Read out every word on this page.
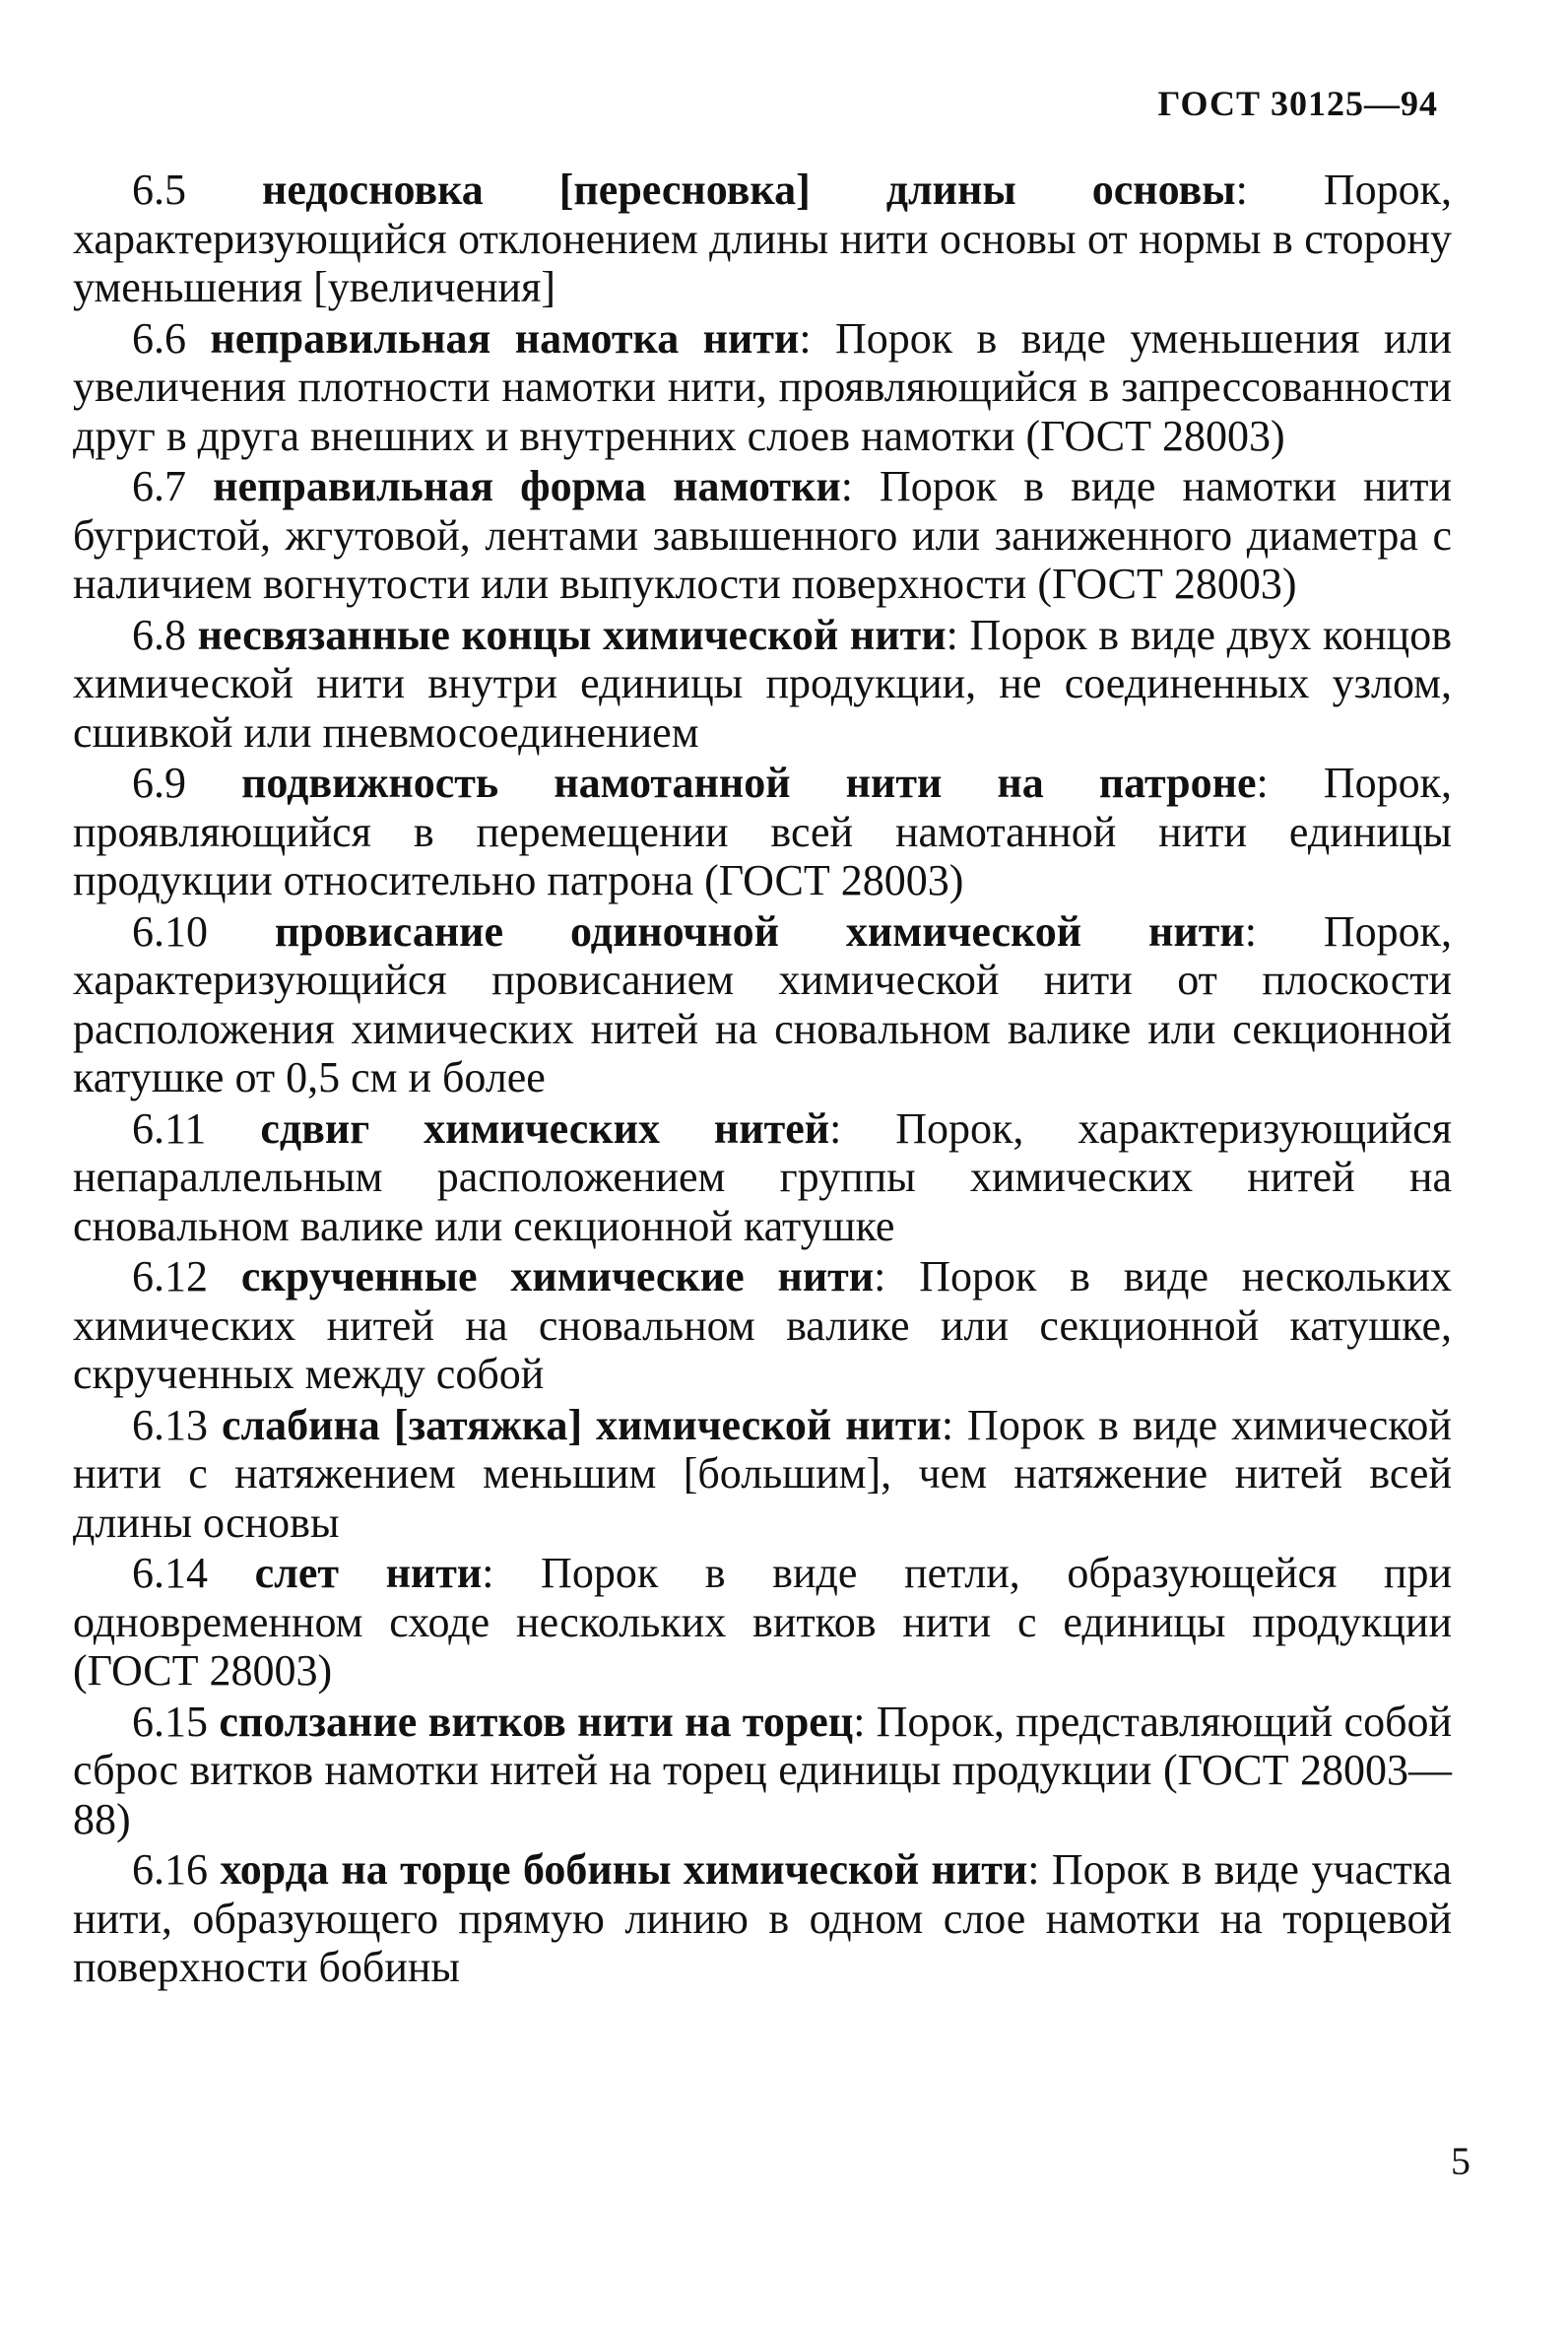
ГОСТ 30125—94

6.5 недосновка [пересновка] длины основы: Порок, характеризующийся отклонением длины нити основы от нормы в сторону уменьшения [увеличения]

6.6 неправильная намотка нити: Порок в виде уменьшения или увеличения плотности намотки нити, проявляющийся в запрессованности друг в друга внешних и внутренних слоев намотки (ГОСТ 28003)

6.7 неправильная форма намотки: Порок в виде намотки нити бугристой, жгутовой, лентами завышенного или заниженного диаметра с наличием вогнутости или выпуклости поверхности (ГОСТ 28003)

6.8 несвязанные концы химической нити: Порок в виде двух концов химической нити внутри единицы продукции, не соединенных узлом, сшивкой или пневмосоединением

6.9 подвижность намотанной нити на патроне: Порок, проявляющийся в перемещении всей намотанной нити единицы продукции относительно патрона (ГОСТ 28003)

6.10 провисание одиночной химической нити: Порок, характеризующийся провисанием химической нити от плоскости расположения химических нитей на сновальном валике или секционной катушке от 0,5 см и более

6.11 сдвиг химических нитей: Порок, характеризующийся непараллельным расположением группы химических нитей на сновальном валике или секционной катушке

6.12 скрученные химические нити: Порок в виде нескольких химических нитей на сновальном валике или секционной катушке, скрученных между собой

6.13 слабина [затяжка] химической нити: Порок в виде химической нити с натяжением меньшим [большим], чем натяжение нитей всей длины основы

6.14 слет нити: Порок в виде петли, образующейся при одновременном сходе нескольких витков нити с единицы продукции (ГОСТ 28003)

6.15 сползание витков нити на торец: Порок, представляющий собой сброс витков намотки нитей на торец единицы продукции (ГОСТ 28003—88)

6.16 хорда на торце бобины химической нити: Порок в виде участка нити, образующего прямую линию в одном слое намотки на торцевой поверхности бобины

5
